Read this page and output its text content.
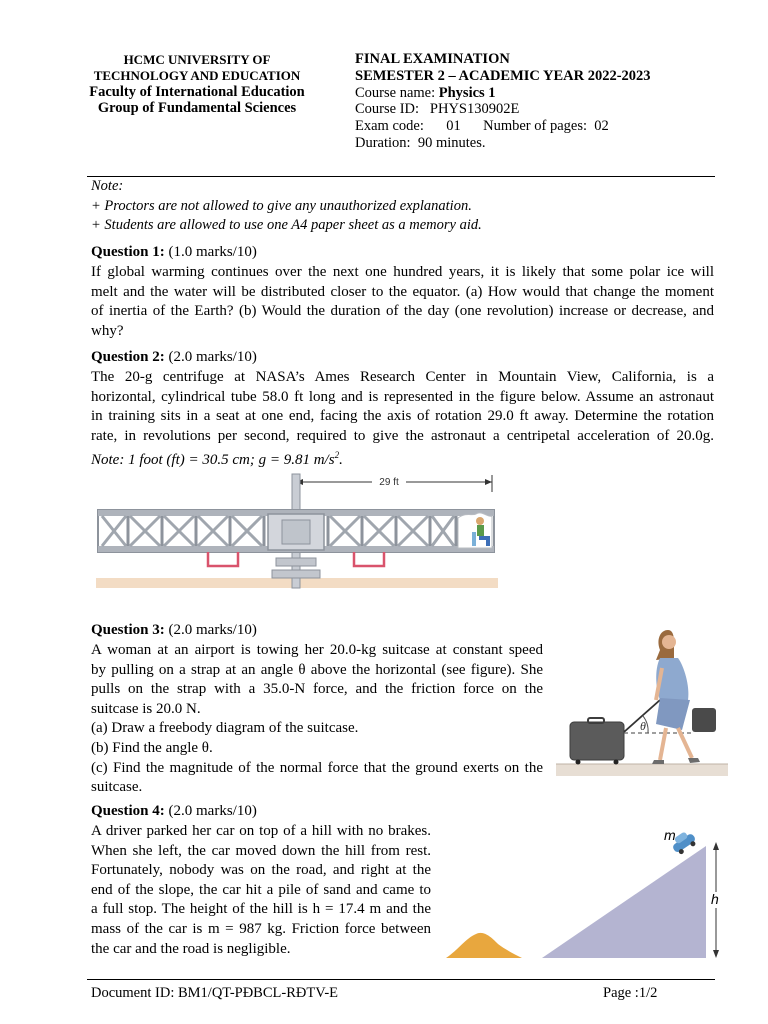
HCMC UNIVERSITY OF
TECHNOLOGY AND EDUCATION
Faculty of International Education
Group of Fundamental Sciences
FINAL EXAMINATION
SEMESTER 2 – ACADEMIC YEAR 2022-2023
Course name: Physics 1
Course ID: PHYS130902E
Exam code: 01 Number of pages: 02
Duration: 90 minutes.
Note:
+ Proctors are not allowed to give any unauthorized explanation.
+ Students are allowed to use one A4 paper sheet as a memory aid.
Question 1: (1.0 marks/10)
If global warming continues over the next one hundred years, it is likely that some polar ice will
melt and the water will be distributed closer to the equator. (a) How would that change the moment
of inertia of the Earth? (b) Would the duration of the day (one revolution) increase or decrease, and
why?
Question 2: (2.0 marks/10)
The 20-g centrifuge at NASA’s Ames Research Center in Mountain View, California, is a
horizontal, cylindrical tube 58.0 ft long and is represented in the figure below. Assume an astronaut
in training sits in a seat at one end, facing the axis of rotation 29.0 ft away. Determine the rotation
rate, in revolutions per second, required to give the astronaut a centripetal acceleration of 20.0g.
Note: 1 foot (ft) = 30.5 cm; g = 9.81 $m/s^2$.
29 ft
Question 3: (2.0 marks/10)
A woman at an airport is towing her 20.0-kg suitcase at constant speed
by pulling on a strap at an angle θ above the horizontal (see figure). She
pulls on the strap with a 35.0-N force, and the friction force on the
suitcase is 20.0 N.
(a) Draw a freebody diagram of the suitcase.
(b) Find the angle θ.
(c) Find the magnitude of the normal force that the ground exerts on the
suitcase.
θ
Question 4: (2.0 marks/10)
A driver parked her car on top of a hill with no brakes.
When she left, the car moved down the hill from rest.
Fortunately, nobody was on the road, and right at the
end of the slope, the car hit a pile of sand and came to
a full stop. The height of the hill is h = 17.4 m and the
mass of the car is m = 987 kg. Friction force between
the car and the road is negligible.
m
h
Document ID: BM1/QT-PĐBCL-RĐTV-E	Page :1/2
